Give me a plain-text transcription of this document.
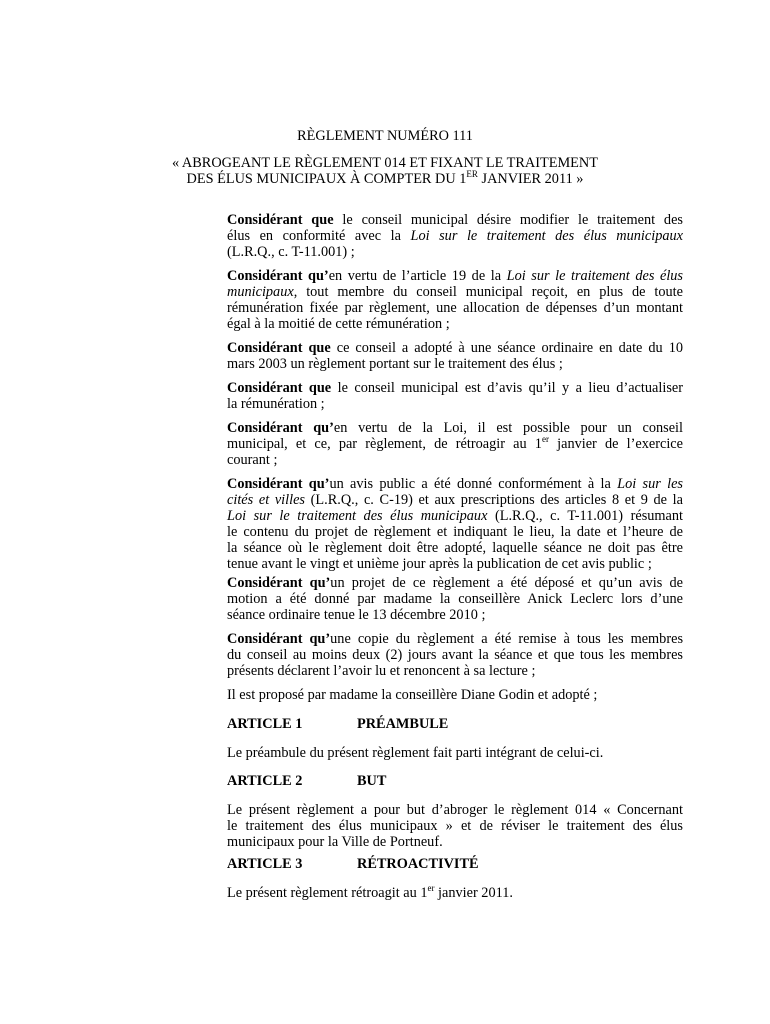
RÈGLEMENT NUMÉRO 111
« ABROGEANT LE RÈGLEMENT 014 ET FIXANT LE TRAITEMENT
DES ÉLUS MUNICIPAUX À COMPTER DU 1ER JANVIER 2011 »
Considérant que le conseil municipal désire modifier le traitement des
élus en conformité avec la Loi sur le traitement des élus municipaux
(L.R.Q., c. T-11.001) ;
Considérant qu’en vertu de l’article 19 de la Loi sur le traitement des élus
municipaux, tout membre du conseil municipal reçoit, en plus de toute
rémunération fixée par règlement, une allocation de dépenses d’un montant
égal à la moitié de cette rémunération ;
Considérant que ce conseil a adopté à une séance ordinaire en date du 10
mars 2003 un règlement portant sur le traitement des élus ;
Considérant que le conseil municipal est d’avis qu’il y a lieu d’actualiser
la rémunération ;
Considérant qu’en vertu de la Loi, il est possible pour un conseil
municipal, et ce, par règlement, de rétroagir au 1er janvier de l’exercice
courant ;
Considérant qu’un avis public a été donné conformément à la Loi sur les
cités et villes (L.R.Q., c. C-19) et aux prescriptions des articles 8 et 9 de la
Loi sur le traitement des élus municipaux (L.R.Q., c. T-11.001) résumant
le contenu du projet de règlement et indiquant le lieu, la date et l’heure de
la séance où le règlement doit être adopté, laquelle séance ne doit pas être
tenue avant le vingt et unième jour après la publication de cet avis public ;
Considérant qu’un projet de ce règlement a été déposé et qu’un avis de
motion a été donné par madame la conseillère Anick Leclerc lors d’une
séance ordinaire tenue le 13 décembre 2010 ;
Considérant qu’une copie du règlement a été remise à tous les membres
du conseil au moins deux (2) jours avant la séance et que tous les membres
présents déclarent l’avoir lu et renoncent à sa lecture ;
Il est proposé par madame la conseillère Diane Godin et adopté ;
ARTICLE 1	PRÉAMBULE
Le préambule du présent règlement fait parti intégrant de celui-ci.
ARTICLE 2	BUT
Le présent règlement a pour but d’abroger le règlement 014 « Concernant
le traitement des élus municipaux » et de réviser le traitement des élus
municipaux pour la Ville de Portneuf.
ARTICLE 3	RÉTROACTIVITÉ
Le présent règlement rétroagit au 1er janvier 2011.
